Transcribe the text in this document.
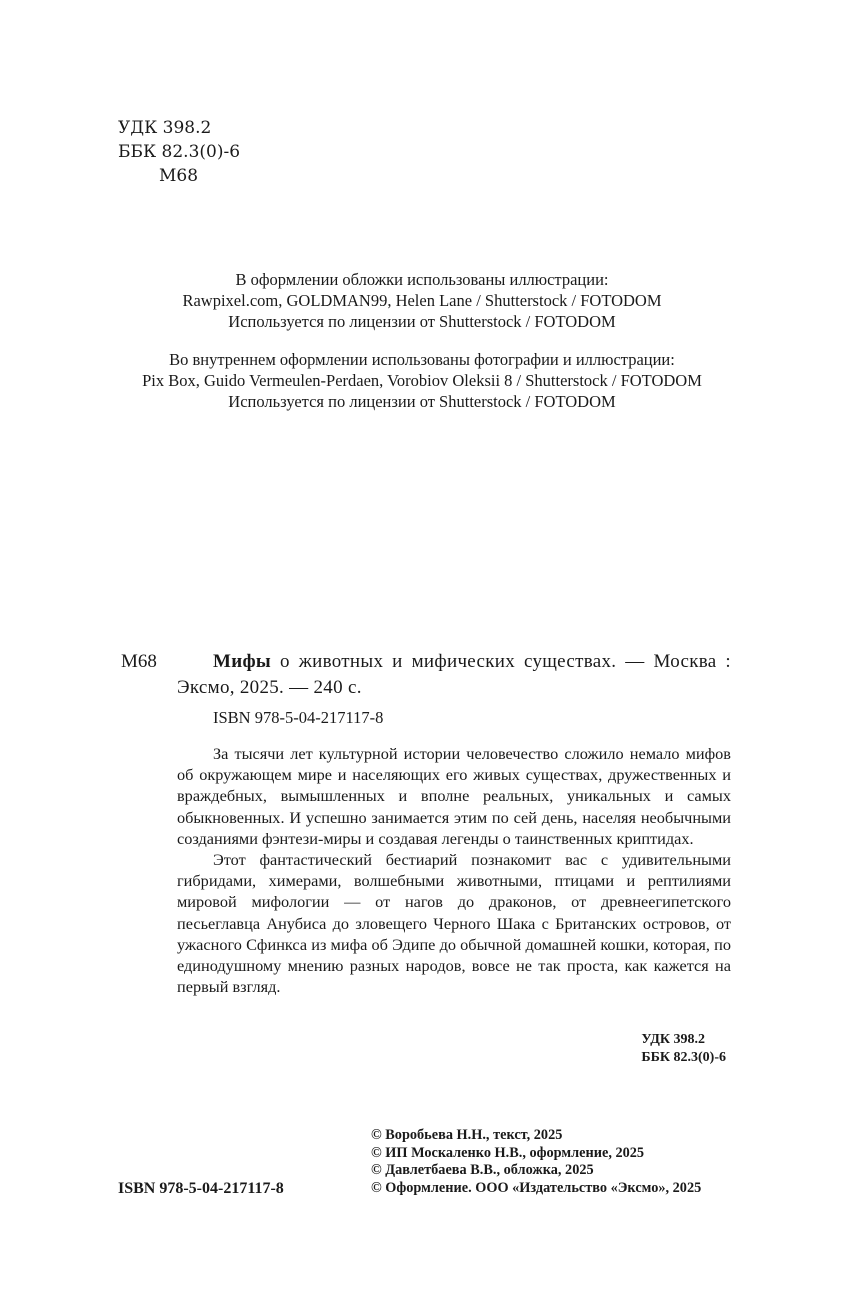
УДК 398.2
ББК 82.3(0)-6
М68
В оформлении обложки использованы иллюстрации:
Rawpixel.com, GOLDMAN99, Helen Lane / Shutterstock / FOTODOM
Используется по лицензии от Shutterstock / FOTODOM
Во внутреннем оформлении использованы фотографии и иллюстрации:
Pix Box, Guido Vermeulen-Perdaen, Vorobiov Oleksii 8 / Shutterstock / FOTODOM
Используется по лицензии от Shutterstock / FOTODOM
М68	Мифы о животных и мифических существах. — Москва : Эксмо, 2025. — 240 с.
ISBN 978-5-04-217117-8

За тысячи лет культурной истории человечество сложило немало мифов об окружающем мире и населяющих его живых существах, дружественных и враждебных, вымышленных и вполне реальных, уникальных и самых обыкновенных. И успешно занимается этим по сей день, населяя необычными созданиями фэнтези-миры и создавая легенды о таинственных криптидах.

Этот фантастический бестиарий познакомит вас с удивительными гибридами, химерами, волшебными животными, птицами и рептилиями мировой мифологии — от нагов до драконов, от древнеегипетского песьеглавца Анубиса до зловещего Черного Шака с Британских островов, от ужасного Сфинкса из мифа об Эдипе до обычной домашней кошки, которая, по единодушному мнению разных народов, вовсе не так проста, как кажется на первый взгляд.

УДК 398.2
ББК 82.3(0)-6
ISBN 978-5-04-217117-8
© Воробьева Н.Н., текст, 2025
© ИП Москаленко Н.В., оформление, 2025
© Давлетбаева В.В., обложка, 2025
© Оформление. ООО «Издательство «Эксмо», 2025
